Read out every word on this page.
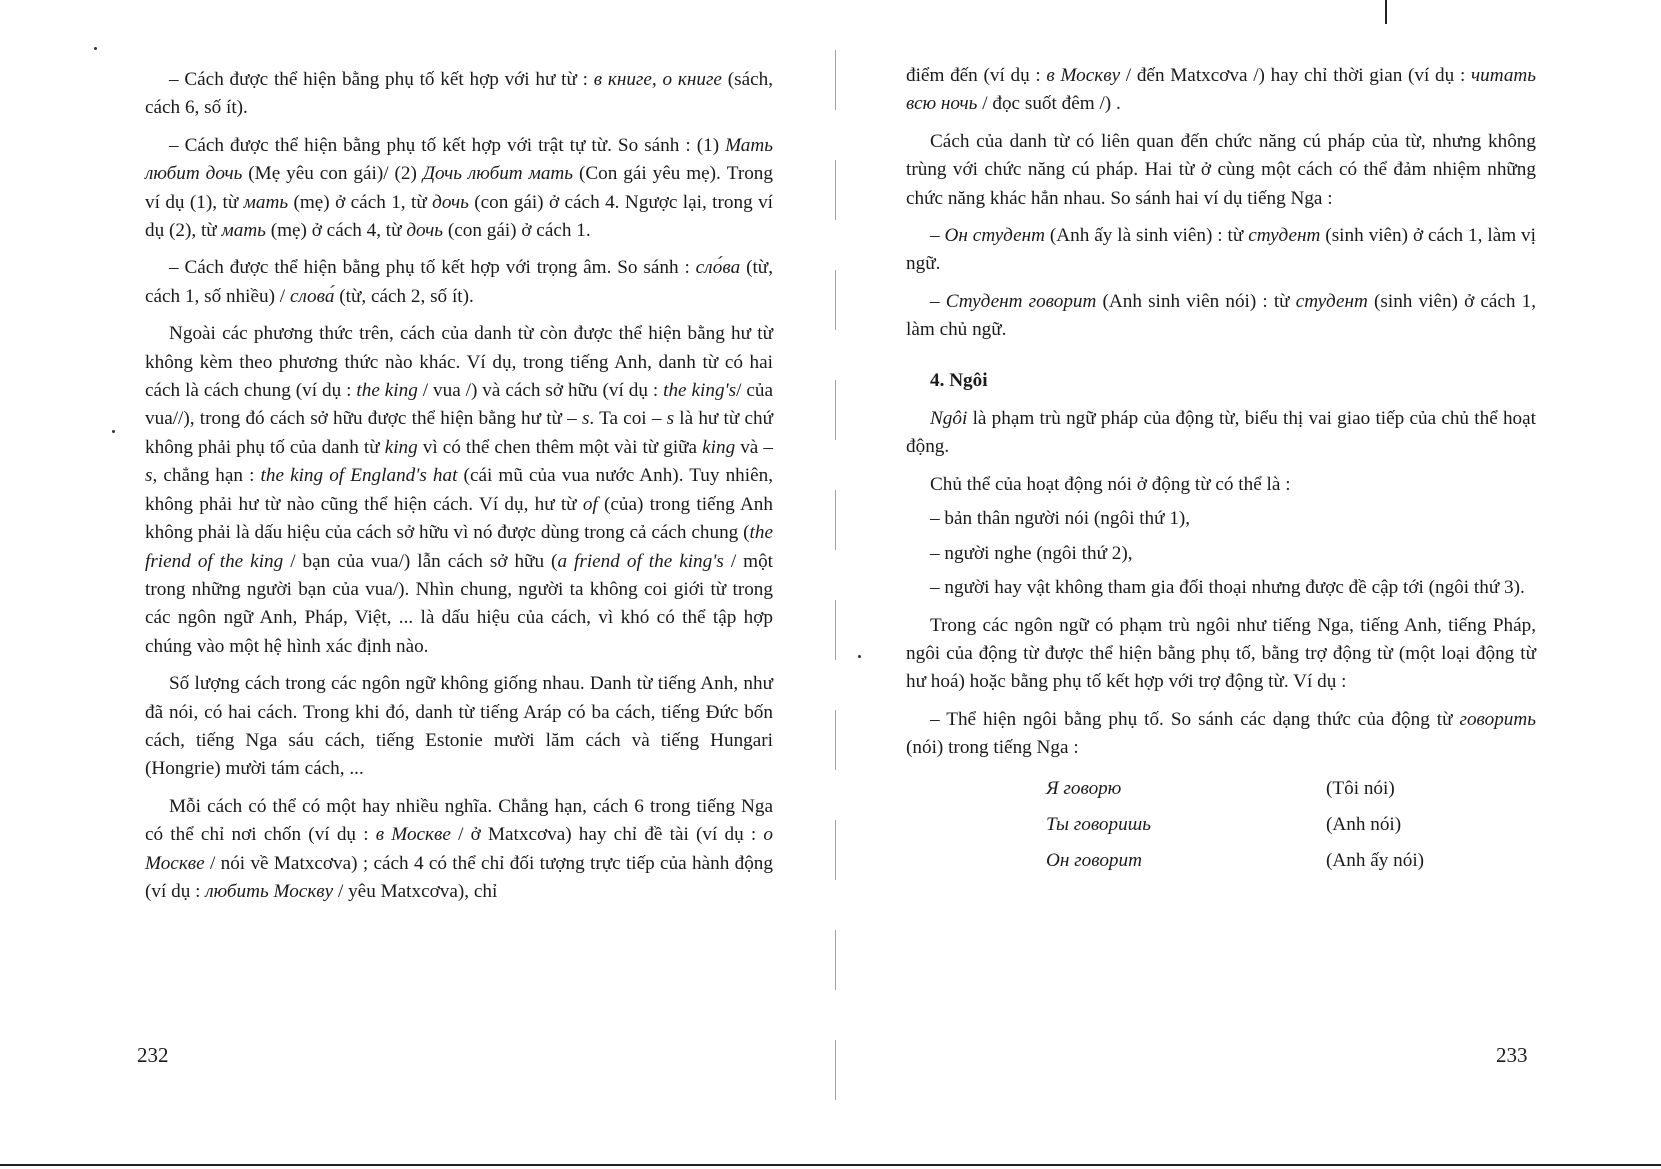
– Cách được thể hiện bằng phụ tố kết hợp với hư từ : в книге, о книге (sách, cách 6, số ít).

– Cách được thể hiện bằng phụ tố kết hợp với trật tự từ. So sánh : (1) Мать любит дочь (Mẹ yêu con gái)/ (2) Дочь любит мать (Con gái yêu mẹ). Trong ví dụ (1), từ мать (mẹ) ở cách 1, từ дочь (con gái) ở cách 4. Ngược lại, trong ví dụ (2), từ мать (mẹ) ở cách 4, từ дочь (con gái) ở cách 1.

– Cách được thể hiện bằng phụ tố kết hợp với trọng âm. So sánh : сло́ва (từ, cách 1, số nhiều) / слова́ (từ, cách 2, số ít).

Ngoài các phương thức trên, cách của danh từ còn được thể hiện bằng hư từ không kèm theo phương thức nào khác. Ví dụ, trong tiếng Anh, danh từ có hai cách là cách chung (ví dụ : the king / vua /) và cách sở hữu (ví dụ : the king's/ của vua//), trong đó cách sở hữu được thể hiện bằng hư từ – s. Ta coi – s là hư từ chứ không phải phụ tố của danh từ king vì có thể chen thêm một vài từ giữa king và – s, chẳng hạn : the king of England's hat (cái mũ của vua nước Anh). Tuy nhiên, không phải hư từ nào cũng thể hiện cách. Ví dụ, hư từ of (của) trong tiếng Anh không phải là dấu hiệu của cách sở hữu vì nó được dùng trong cả cách chung (the friend of the king / bạn của vua/) lẫn cách sở hữu (a friend of the king's / một trong những người bạn của vua/). Nhìn chung, người ta không coi giới từ trong các ngôn ngữ Anh, Pháp, Việt, ... là dấu hiệu của cách, vì khó có thể tập hợp chúng vào một hệ hình xác định nào.

Số lượng cách trong các ngôn ngữ không giống nhau. Danh từ tiếng Anh, như đã nói, có hai cách. Trong khi đó, danh từ tiếng Aráp có ba cách, tiếng Đức bốn cách, tiếng Nga sáu cách, tiếng Estonie mười lăm cách và tiếng Hungari (Hongrie) mười tám cách, ...

Mỗi cách có thể có một hay nhiều nghĩa. Chẳng hạn, cách 6 trong tiếng Nga có thể chỉ nơi chốn (ví dụ : в Москве / ở Matxcơva) hay chỉ đề tài (ví dụ : о Москве / nói về Matxcơva) ; cách 4 có thể chỉ đối tượng trực tiếp của hành động (ví dụ : любить Москву / yêu Matxcơva), chỉ

232

điểm đến (ví dụ : в Москву / đến Matxcơva /) hay chỉ thời gian (ví dụ : читать всю ночь / đọc suốt đêm /) .

Cách của danh từ có liên quan đến chức năng cú pháp của từ, nhưng không trùng với chức năng cú pháp. Hai từ ở cùng một cách có thể đảm nhiệm những chức năng khác hẳn nhau. So sánh hai ví dụ tiếng Nga :

– Он студент (Anh ấy là sinh viên) : từ студент (sinh viên) ở cách 1, làm vị ngữ.

– Студент говорит (Anh sinh viên nói) : từ студент (sinh viên) ở cách 1, làm chủ ngữ.

4. Ngôi

Ngôi là phạm trù ngữ pháp của động từ, biểu thị vai giao tiếp của chủ thể hoạt động.

Chủ thể của hoạt động nói ở động từ có thể là :

– bản thân người nói (ngôi thứ 1),

– người nghe (ngôi thứ 2),

– người hay vật không tham gia đối thoại nhưng được đề cập tới (ngôi thứ 3).

Trong các ngôn ngữ có phạm trù ngôi như tiếng Nga, tiếng Anh, tiếng Pháp, ngôi của động từ được thể hiện bằng phụ tố, bằng trợ động từ (một loại động từ hư hoá) hoặc bằng phụ tố kết hợp với trợ động từ. Ví dụ :

– Thể hiện ngôi bằng phụ tố. So sánh các dạng thức của động từ говорить (nói) trong tiếng Nga :

Я говорю	(Tôi nói)
Ты говоришь	(Anh nói)
Он говорит	(Anh ấy nói)
233
